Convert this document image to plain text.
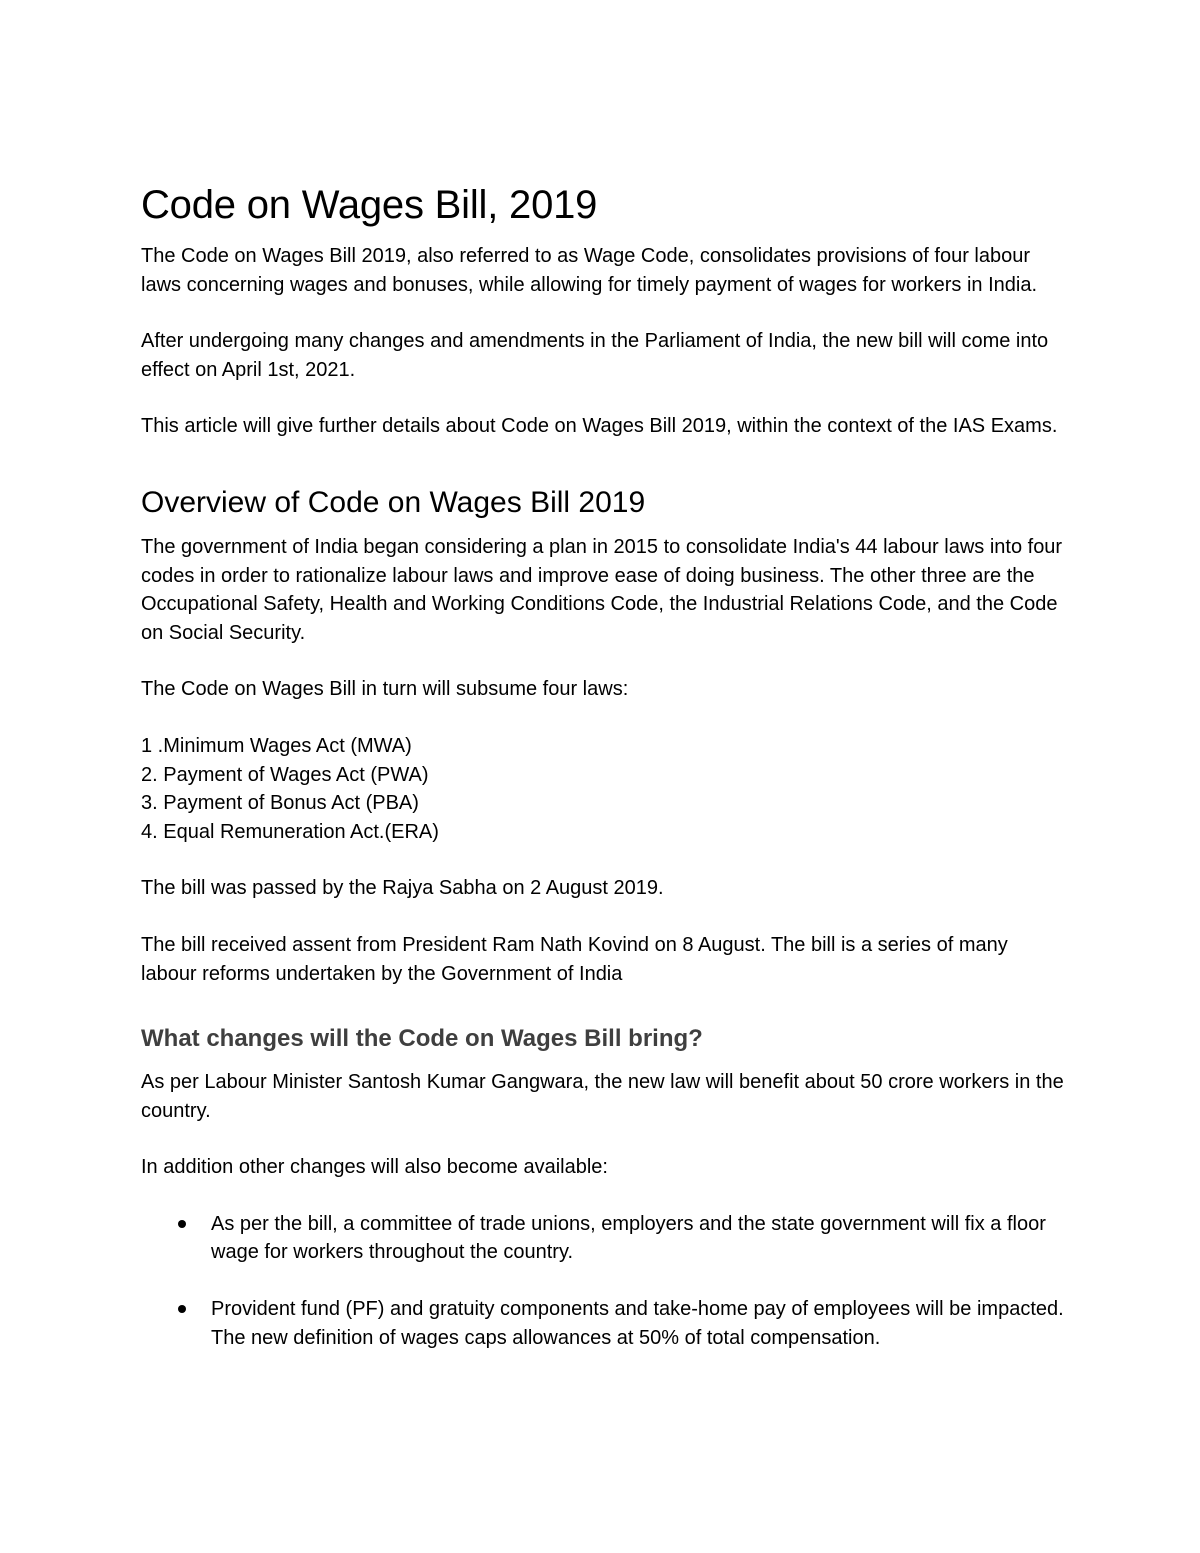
Code on Wages Bill, 2019

The Code on Wages Bill 2019, also referred to as Wage Code, consolidates provisions of four labour laws concerning wages and bonuses, while allowing for timely payment of wages for workers in India.

After undergoing many changes and amendments in the Parliament of India, the new bill will come into effect on April 1st, 2021.

This article will give further details about Code on Wages Bill 2019, within the context of the IAS Exams.

Overview of Code on Wages Bill 2019

The government of India began considering a plan in 2015 to consolidate India's 44 labour laws into four codes in order to rationalize labour laws and improve ease of doing business. The other three are the Occupational Safety, Health and Working Conditions Code, the Industrial Relations Code, and the Code on Social Security.

The Code on Wages Bill in turn will subsume four laws:

1 .Minimum Wages Act (MWA)
2. Payment of Wages Act (PWA)
3. Payment of Bonus Act (PBA)
4. Equal Remuneration Act.(ERA)

The bill was passed by the Rajya Sabha on 2 August 2019.

The bill received assent from President Ram Nath Kovind on 8 August. The bill is a series of many labour reforms undertaken by the Government of India

What changes will the Code on Wages Bill bring?

As per Labour Minister Santosh Kumar Gangwara, the new law will benefit about 50 crore workers in the country.

In addition other changes will also become available:

As per the bill, a committee of trade unions, employers and the state government will fix a floor wage for workers throughout the country.
Provident fund (PF) and gratuity components and take-home pay of employees will be impacted. The new definition of wages caps allowances at 50% of total compensation.
